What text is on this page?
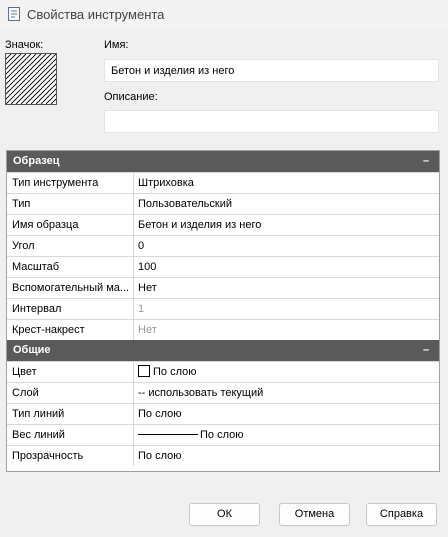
Свойства инструмента
Значок:	Имя:
Бетон и изделия из него
Описание:
Образец	–
Тип инструмента	Штриховка
Тип	Пользовательский
Имя образца	Бетон и изделия из него
Угол	0
Масштаб	100
Вспомогательный ма... Нет
Интервал	1
Крест-накрест	Нет
Общие	–
Цвет	По слою
Слой	-- использовать текущий
Тип линий	По слою
Вес линий	По слою
Прозрачность	По слою
ОК	Отмена	Справка
